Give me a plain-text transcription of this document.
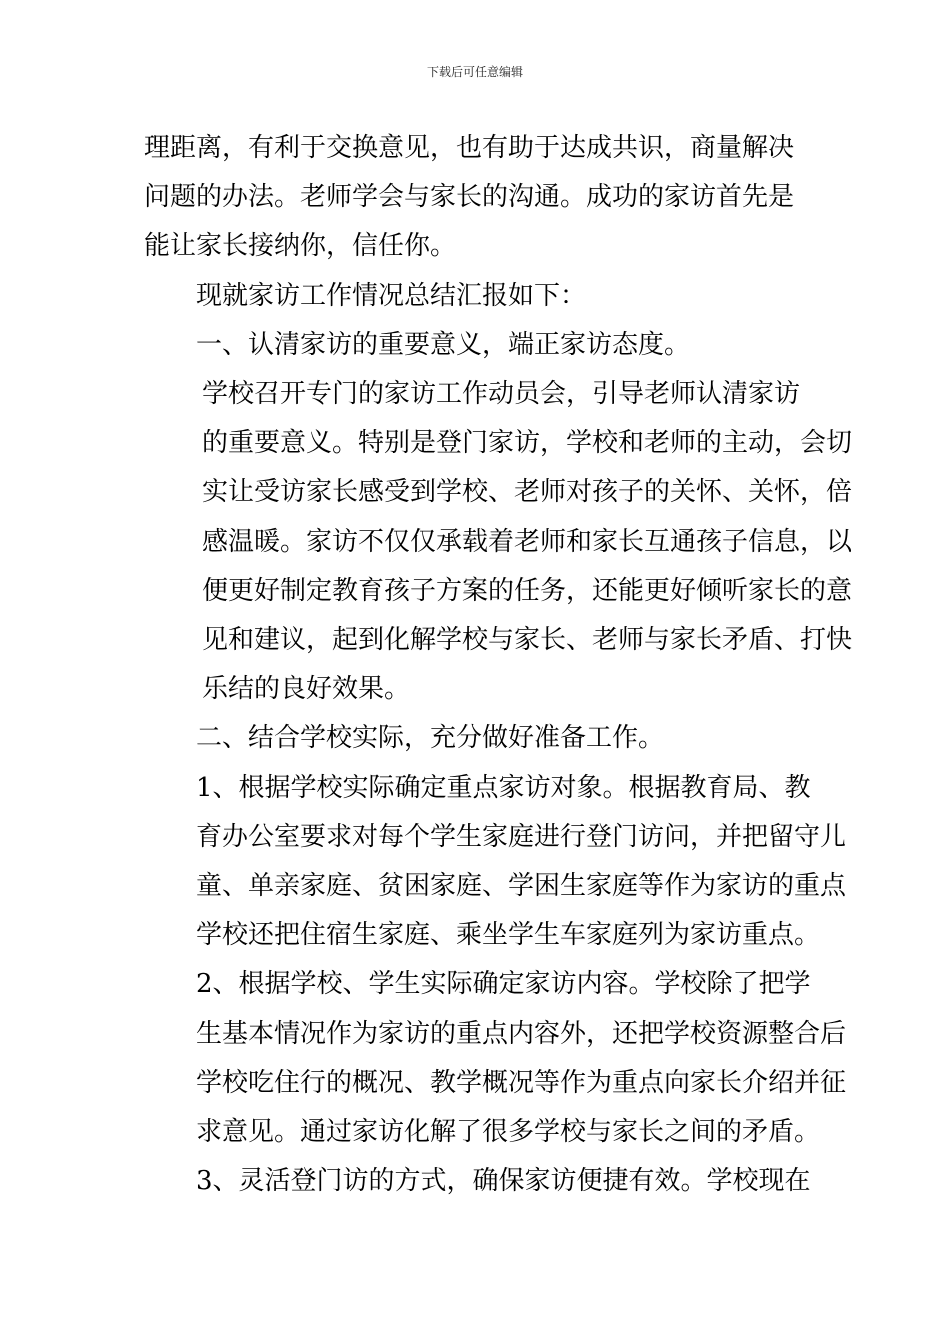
下载后可任意编辑

理距离，有利于交换意见，也有助于达成共识，商量解决
问题的办法。老师学会与家长的沟通。成功的家访首先是
能让家长接纳你，信任你。

现就家访工作情况总结汇报如下：

一、认清家访的重要意义，端正家访态度。

学校召开专门的家访工作动员会，引导老师认清家访
的重要意义。特别是登门家访，学校和老师的主动，会切
实让受访家长感受到学校、老师对孩子的关怀、关怀，倍
感温暖。家访不仅仅承载着老师和家长互通孩子信息，以
便更好制定教育孩子方案的任务，还能更好倾听家长的意
见和建议，起到化解学校与家长、老师与家长矛盾、打快
乐结的良好效果。

二、结合学校实际，充分做好准备工作。

1、根据学校实际确定重点家访对象。根据教育局、教
育办公室要求对每个学生家庭进行登门访问，并把留守儿
童、单亲家庭、贫困家庭、学困生家庭等作为家访的重点
学校还把住宿生家庭、乘坐学生车家庭列为家访重点。

2、根据学校、学生实际确定家访内容。学校除了把学
生基本情况作为家访的重点内容外，还把学校资源整合后
学校吃住行的概况、教学概况等作为重点向家长介绍并征
求意见。通过家访化解了很多学校与家长之间的矛盾。

3、灵活登门访的方式，确保家访便捷有效。学校现在
